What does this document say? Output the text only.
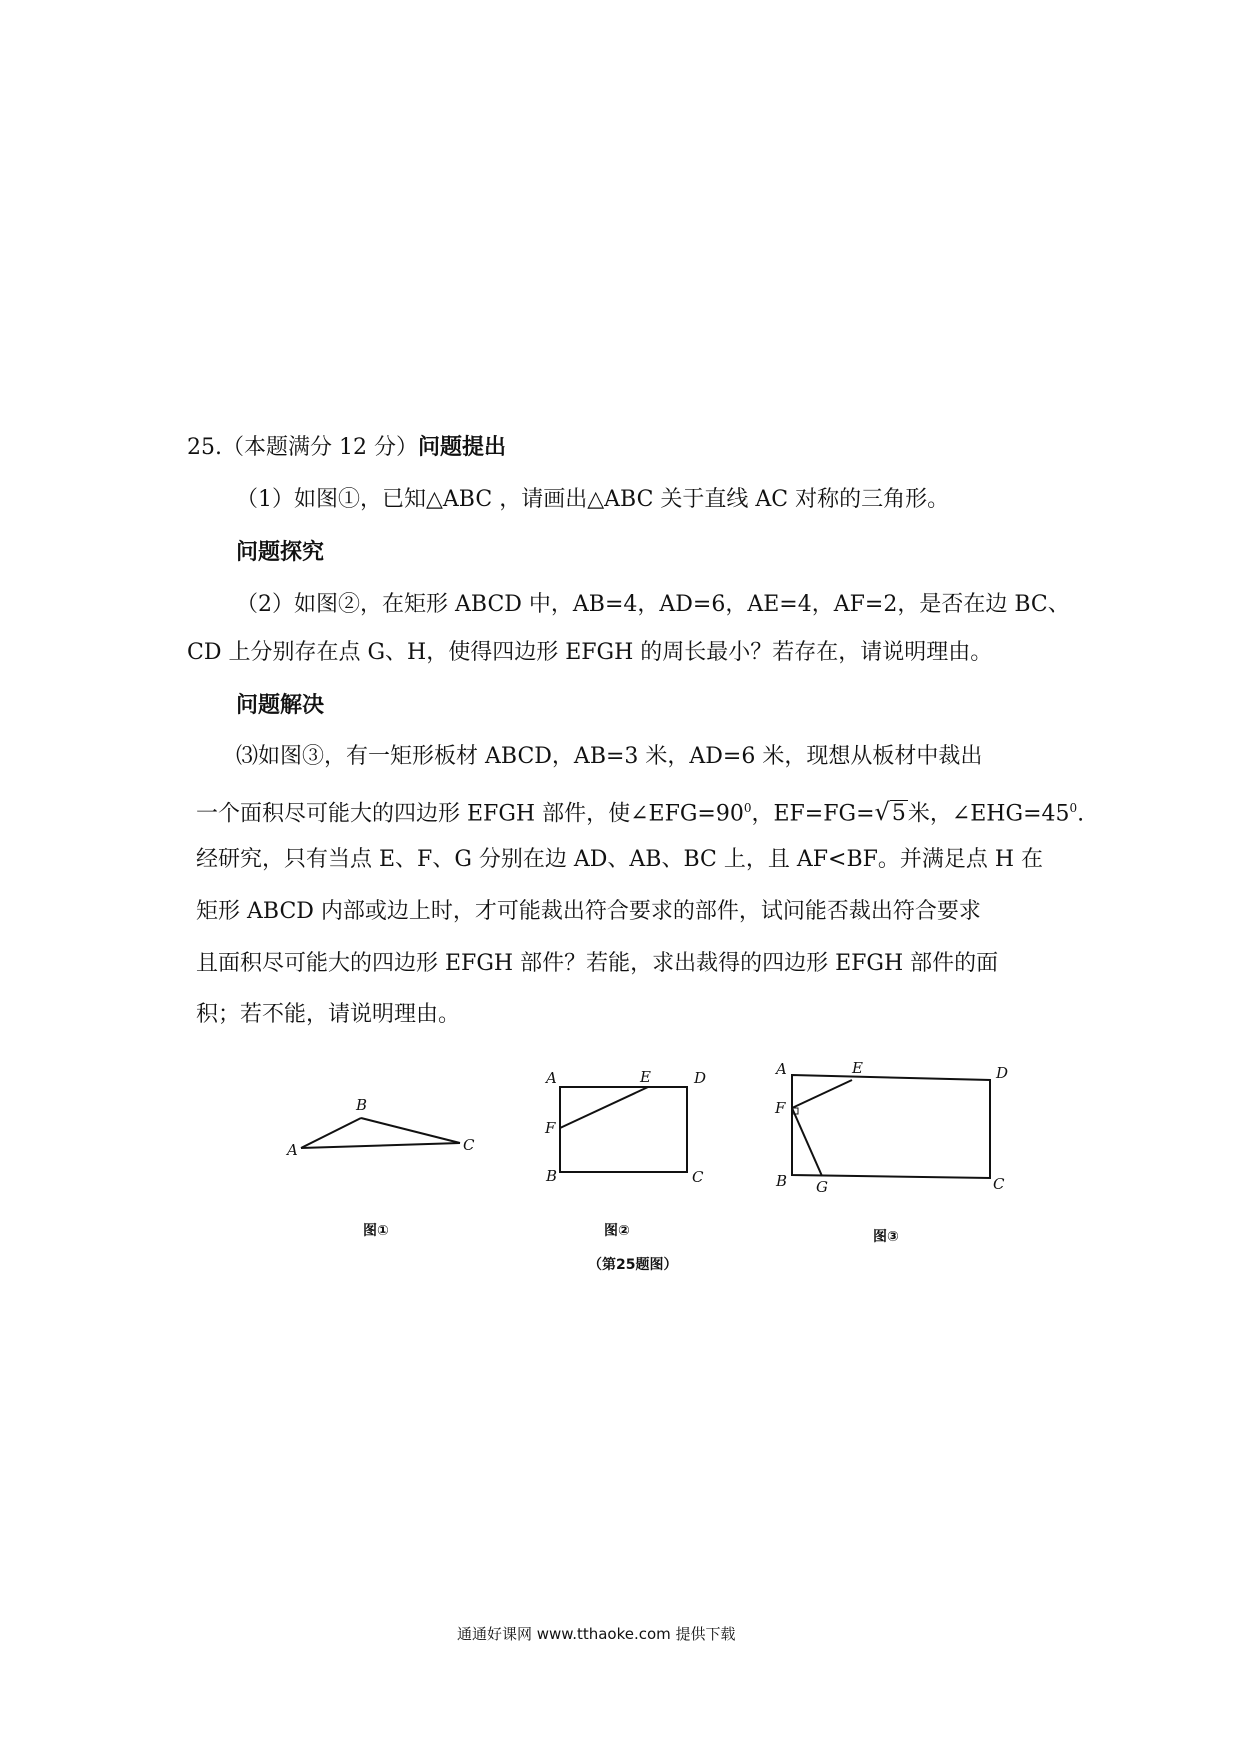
25.（本题满分 12 分）问题提出
（1）如图①，已知△ABC ，请画出△ABC 关于直线 AC 对称的三角形。
问题探究
（2）如图②，在矩形 ABCD 中，AB=4，AD=6，AE=4，AF=2，是否在边 BC、
CD 上分别存在点 G、H，使得四边形 EFGH 的周长最小？若存在，请说明理由。
问题解决
⑶如图③，有一矩形板材 ABCD，AB=3 米，AD=6 米，现想从板材中裁出
一个面积尽可能大的四边形 EFGH 部件，使$\angle EFG=90^0$，EF=FG=√5米，$\angle EHG=45^0$.
经研究，只有当点 E、F、G 分别在边 AD、AB、BC 上，且 AF<BF。并满足点 H 在
矩形 ABCD 内部或边上时，才可能裁出符合要求的部件，试问能否裁出符合要求
且面积尽可能大的四边形 EFGH 部件？若能，求出裁得的四边形 EFGH 部件的面
积；若不能，请说明理由。
A
B
C
A	E	D
F
B	C
A	E	D
F
B G	C
图①	图②	图③
（第25题图）
通通好课网 www.tthaoke.com 提供下载
